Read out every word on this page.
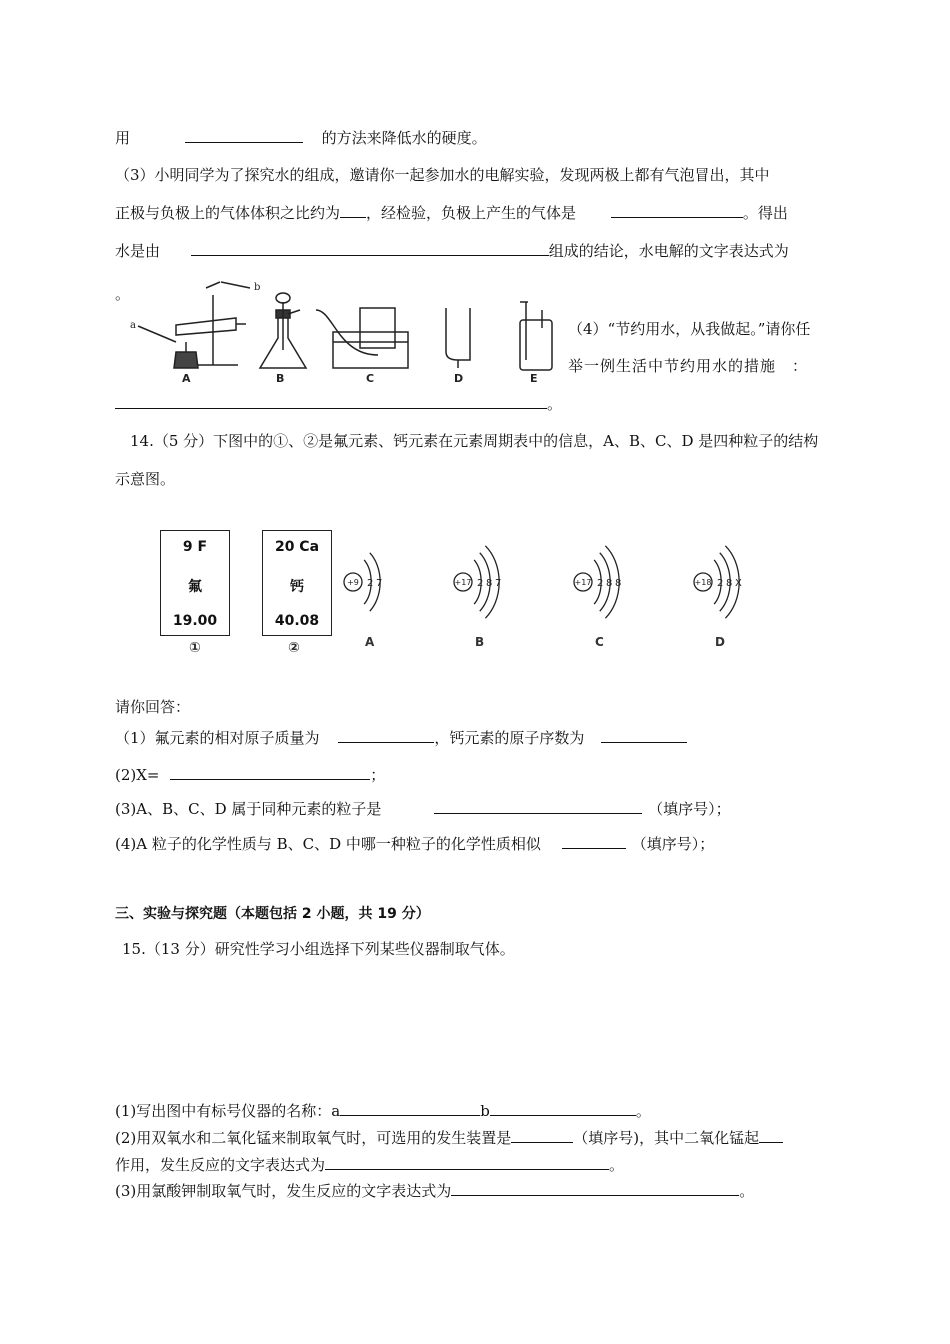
用	的方法来降低水的硬度。
（3）小明同学为了探究水的组成，邀请你一起参加水的电解实验，发现两极上都有气泡冒出，其中
正极与负极上的气体体积之比约为 ，经检验，负极上产生的气体是	。得出
水是由	组成的结论，水电解的文字表达式为
。	b
a
A	B	C	D	E
（4）“节约用水，从我做起。”请你任
举一例生活中节约用水的措施　：
。
14.（5 分）下图中的①、②是氟元素、钙元素在元素周期表中的信息，A、B、C、D 是四种粒子的结构
示意图。
9 F
氟
19.00
①
20 Ca
钙
40.08
②
+9 2 7
A
+17 2 8 7
B
+17 2 8 8
C
+18 2 8 X
D
请你回答：
（1）氟元素的相对原子质量为	，钙元素的原子序数为
(2)X=	；
(3)A、B、C、D 属于同种元素的粒子是	（填序号）；
(4)A 粒子的化学性质与 B、C、D 中哪一种粒子的化学性质相似	（填序号）；
三、实验与探究题（本题包括 2 小题，共 19 分）
15.（13 分）研究性学习小组选择下列某些仪器制取气体。
(1)写出图中有标号仪器的名称：a	b	。
(2)用双氧水和二氧化锰来制取氧气时，可选用的发生装置是	（填序号)，其中二氧化锰起
作用，发生反应的文字表达式为	。
(3)用氯酸钾制取氧气时，发生反应的文字表达式为	。
